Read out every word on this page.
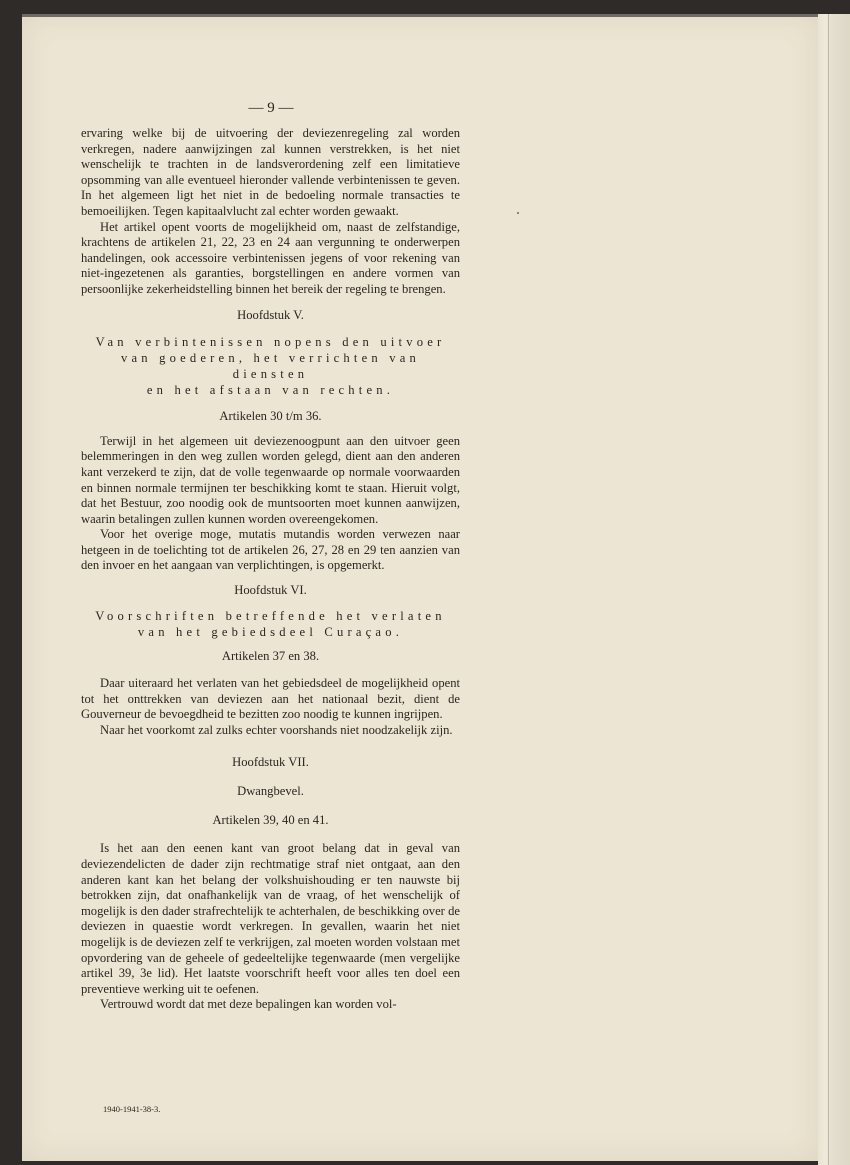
— 9 —

ervaring welke bij de uitvoering der deviezenregeling zal worden verkregen, nadere aanwijzingen zal kunnen verstrekken, is het niet wenschelijk te trachten in de landsverordening zelf een limitatieve opsomming van alle eventueel hieronder vallende verbintenissen te geven. In het algemeen ligt het niet in de bedoeling normale transacties te bemoeilijken. Tegen kapitaalvlucht zal echter worden gewaakt.

Het artikel opent voorts de mogelijkheid om, naast de zelfstandige, krachtens de artikelen 21, 22, 23 en 24 aan vergunning te onderwerpen handelingen, ook accessoire verbintenissen jegens of voor rekening van niet-ingezetenen als garanties, borgstellingen en andere vormen van persoonlijke zekerheidstelling binnen het bereik der regeling te brengen.

Hoofdstuk V.
Van verbintenissen nopens den uitvoer
van goederen, het verrichten van diensten
en het afstaan van rechten.
Artikelen 30 t/m 36.

Terwijl in het algemeen uit deviezenoogpunt aan den uitvoer geen belemmeringen in den weg zullen worden gelegd, dient aan den anderen kant verzekerd te zijn, dat de volle tegenwaarde op normale voorwaarden en binnen normale termijnen ter beschikking komt te staan. Hieruit volgt, dat het Bestuur, zoo noodig ook de muntsoorten moet kunnen aanwijzen, waarin betalingen zullen kunnen worden overeengekomen.

Voor het overige moge, mutatis mutandis worden verwezen naar hetgeen in de toelichting tot de artikelen 26, 27, 28 en 29 ten aanzien van den invoer en het aangaan van verplichtingen, is opgemerkt.

Hoofdstuk VI.
Voorschriften betreffende het verlaten
van het gebiedsdeel Curaçao.
Artikelen 37 en 38.

Daar uiteraard het verlaten van het gebiedsdeel de mogelijkheid opent tot het onttrekken van deviezen aan het nationaal bezit, dient de Gouverneur de bevoegdheid te bezitten zoo noodig te kunnen ingrijpen.

Naar het voorkomt zal zulks echter voorshands niet noodzakelijk zijn.

Hoofdstuk VII.
Dwangbevel.
Artikelen 39, 40 en 41.

Is het aan den eenen kant van groot belang dat in geval van deviezendelicten de dader zijn rechtmatige straf niet ontgaat, aan den anderen kant kan het belang der volkshuishouding er ten nauwste bij betrokken zijn, dat onafhankelijk van de vraag, of het wenschelijk of mogelijk is den dader strafrechtelijk te achterhalen, de beschikking over de deviezen in quaestie wordt verkregen. In gevallen, waarin het niet mogelijk is de deviezen zelf te verkrijgen, zal moeten worden volstaan met opvordering van de geheele of gedeeltelijke tegenwaarde (men vergelijke artikel 39, 3e lid). Het laatste voorschrift heeft voor alles ten doel een preventieve werking uit te oefenen.

Vertrouwd wordt dat met deze bepalingen kan worden vol-

1940-1941-38-3.
